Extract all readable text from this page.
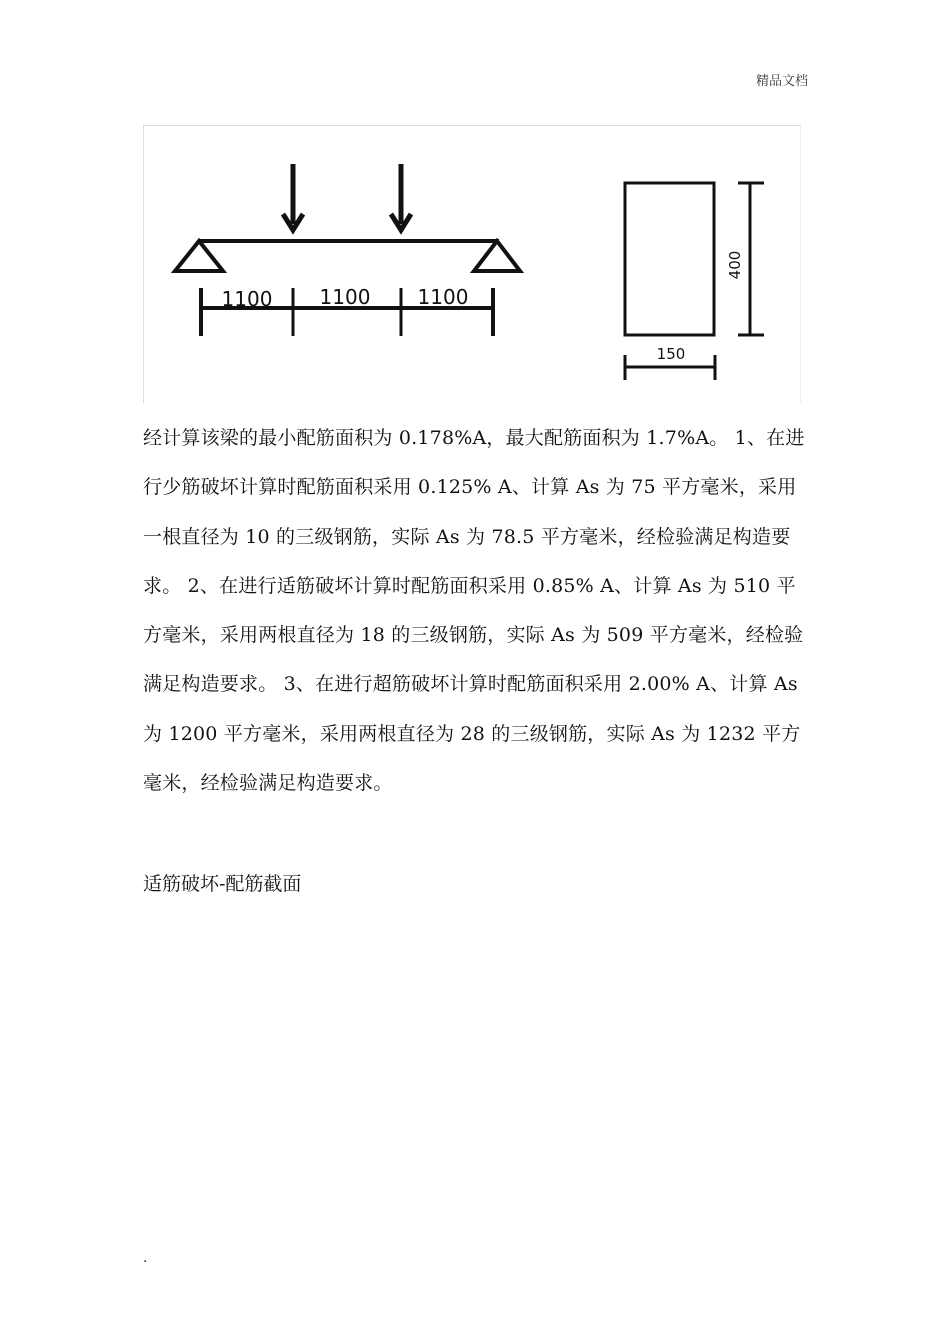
精品文档
1100 1100 1100
400
150

经计算该梁的最小配筋面积为 0.178%A，最大配筋面积为 1.7%A。 1、在进行少筋破坏计算时配筋面积采用 0.125% A、计算 As 为 75 平方毫米，采用一根直径为 10 的三级钢筋，实际 As 为 78.5 平方毫米，经检验满足构造要求。 2、在进行适筋破坏计算时配筋面积采用 0.85% A、计算 As 为 510 平方毫米，采用两根直径为 18 的三级钢筋，实际 As 为 509 平方毫米，经检验满足构造要求。 3、在进行超筋破坏计算时配筋面积采用 2.00% A、计算 As 为 1200 平方毫米，采用两根直径为 28 的三级钢筋，实际 As 为 1232 平方毫米，经检验满足构造要求。

适筋破坏-配筋截面
.
